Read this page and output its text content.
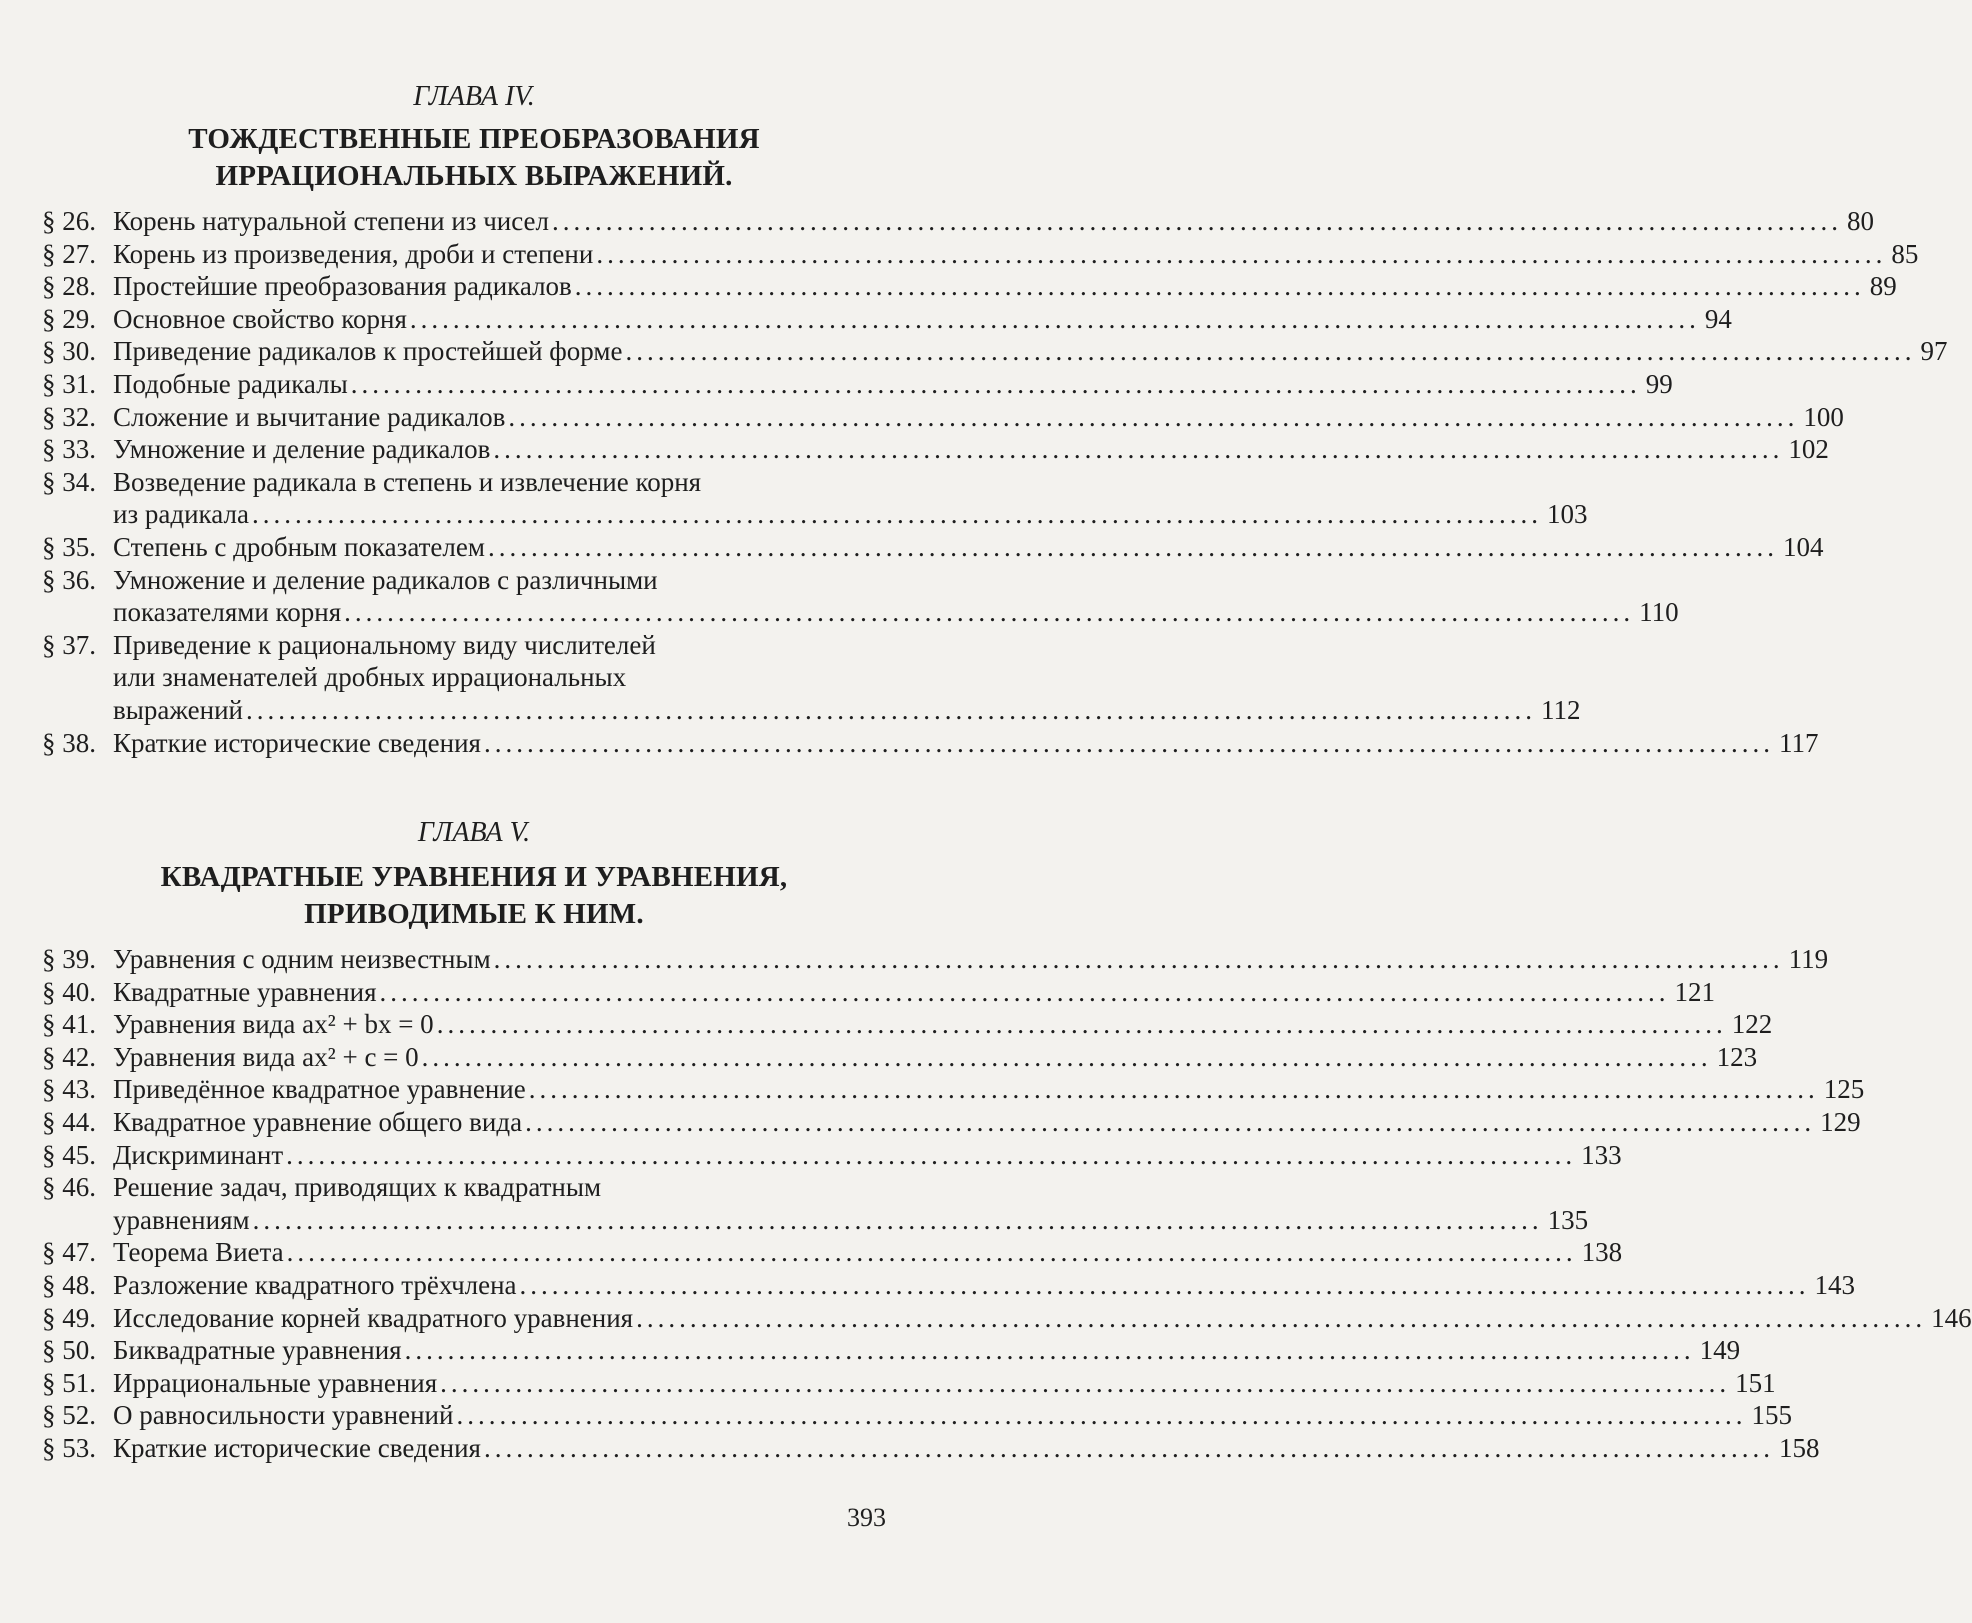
ГЛАВА IV.
ТОЖДЕСТВЕННЫЕ ПРЕОБРАЗОВАНИЯ
ИРРАЦИОНАЛЬНЫХ ВЫРАЖЕНИЙ.
§ 26. Корень натуральной степени из чисел ........................................................................................................................ 80
§ 27. Корень из произведения, дроби и степени ........................................................................................................................ 85
§ 28. Простейшие преобразования радикалов ........................................................................................................................ 89
§ 29. Основное свойство корня ........................................................................................................................ 94
§ 30. Приведение радикалов к простейшей форме ........................................................................................................................ 97
§ 31. Подобные радикалы ........................................................................................................................ 99
§ 32. Сложение и вычитание радикалов ........................................................................................................................ 100
§ 33. Умножение и деление радикалов ........................................................................................................................ 102
§ 34. Возведение радикала в степень и извлечение корня
из радикала ........................................................................................................................ 103
§ 35. Степень с дробным показателем ........................................................................................................................ 104
§ 36. Умножение и деление радикалов с различными
показателями корня ........................................................................................................................ 110
§ 37. Приведение к рациональному виду числителей
или знаменателей дробных иррациональных
выражений ........................................................................................................................ 112
§ 38. Краткие исторические сведения ........................................................................................................................ 117
ГЛАВА V.
КВАДРАТНЫЕ УРАВНЕНИЯ И УРАВНЕНИЯ,
ПРИВОДИМЫЕ К НИМ.
§ 39. Уравнения с одним неизвестным ........................................................................................................................ 119
§ 40. Квадратные уравнения ........................................................................................................................ 121
§ 41. Уравнения вида ax² + bx = 0 ........................................................................................................................ 122
§ 42. Уравнения вида ax² + c = 0 ........................................................................................................................ 123
§ 43. Приведённое квадратное уравнение ........................................................................................................................ 125
§ 44. Квадратное уравнение общего вида ........................................................................................................................ 129
§ 45. Дискриминант ........................................................................................................................ 133
§ 46. Решение задач, приводящих к квадратным
уравнениям ........................................................................................................................ 135
§ 47. Теорема Виета ........................................................................................................................ 138
§ 48. Разложение квадратного трёхчлена ........................................................................................................................ 143
§ 49. Исследование корней квадратного уравнения ........................................................................................................................ 146
§ 50. Биквадратные уравнения ........................................................................................................................ 149
§ 51. Иррациональные уравнения ........................................................................................................................ 151
§ 52. О равносильности уравнений ........................................................................................................................ 155
§ 53. Краткие исторические сведения ........................................................................................................................ 158
393
